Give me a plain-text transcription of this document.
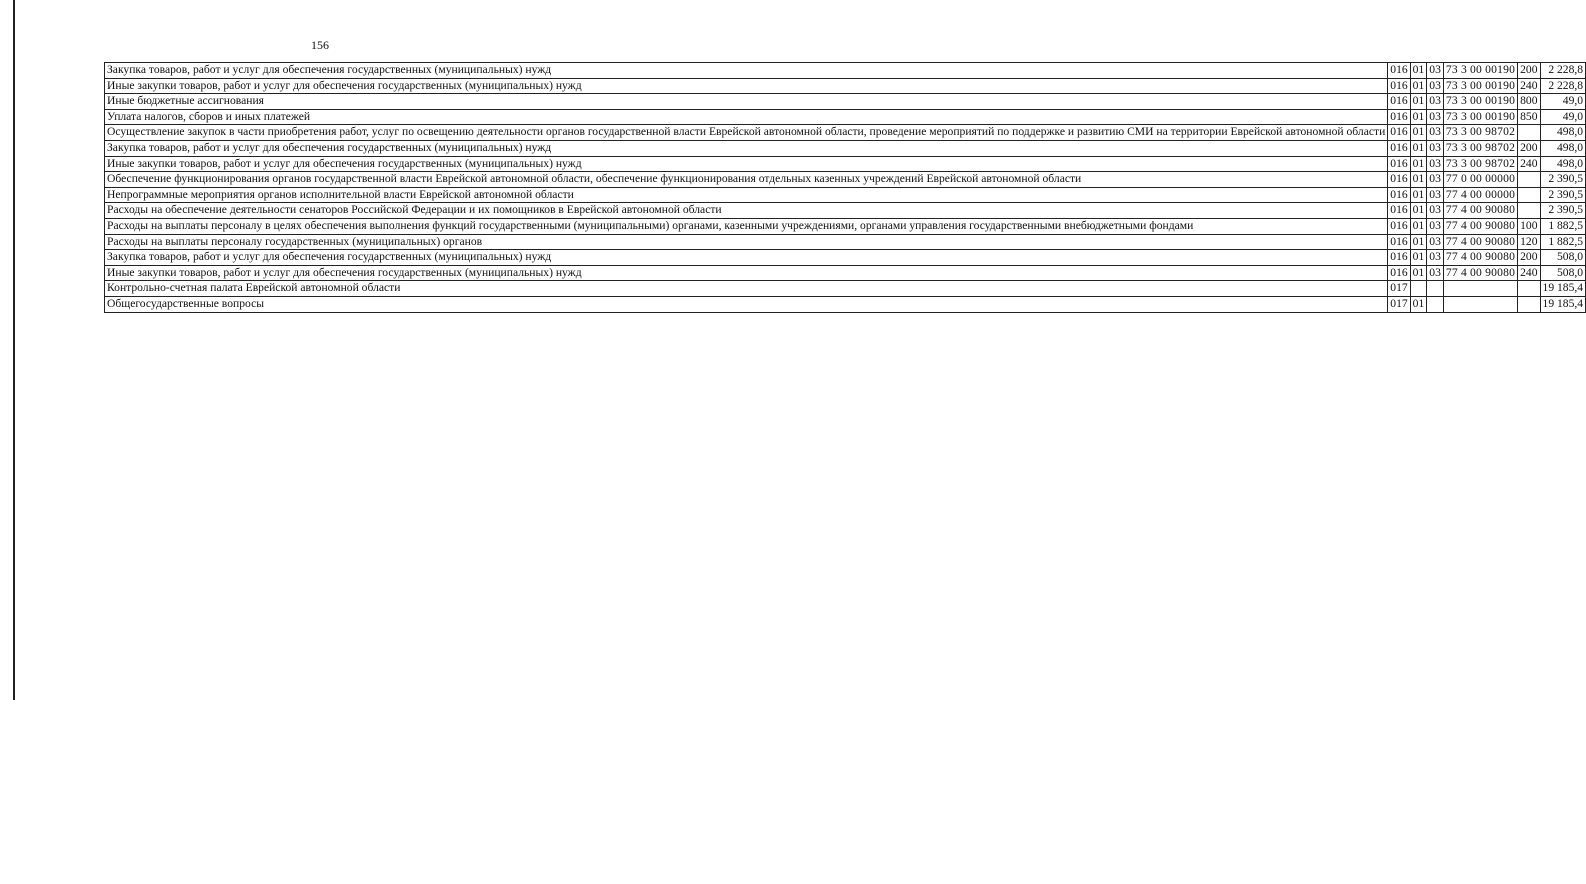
156
Закупка товаров, работ и услуг для обеспечения государственных (муниципальных) нужд	016	01	03	73 3 00 00190	200	2 228,8
Иные закупки товаров, работ и услуг для обеспечения государственных (муниципальных) нужд	016	01	03	73 3 00 00190	240	2 228,8
Иные бюджетные ассигнования	016	01	03	73 3 00 00190	800	49,0
Уплата налогов, сборов и иных платежей	016	01	03	73 3 00 00190	850	49,0
Осуществление закупок в части приобретения работ, услуг по освещению деятельности органов государственной власти Еврейской автономной области, проведение мероприятий по поддержке и развитию СМИ на территории Еврейской автономной области	016	01	03	73 3 00 98702		498,0
Закупка товаров, работ и услуг для обеспечения государственных (муниципальных) нужд	016	01	03	73 3 00 98702	200	498,0
Иные закупки товаров, работ и услуг для обеспечения государственных (муниципальных) нужд	016	01	03	73 3 00 98702	240	498,0
Обеспечение функционирования органов государственной власти Еврейской автономной области, обеспечение функционирования отдельных казенных учреждений Еврейской автономной области	016	01	03	77 0 00 00000		2 390,5
Непрограммные мероприятия органов исполнительной власти Еврейской автономной области	016	01	03	77 4 00 00000		2 390,5
Расходы на обеспечение деятельности сенаторов Российской Федерации и их помощников в Еврейской автономной области	016	01	03	77 4 00 90080		2 390,5
Расходы на выплаты персоналу в целях обеспечения выполнения функций государственными (муниципальными) органами, казенными учреждениями, органами управления государственными внебюджетными фондами	016	01	03	77 4 00 90080	100	1 882,5
Расходы на выплаты персоналу государственных (муниципальных) органов	016	01	03	77 4 00 90080	120	1 882,5
Закупка товаров, работ и услуг для обеспечения государственных (муниципальных) нужд	016	01	03	77 4 00 90080	200	508,0
Иные закупки товаров, работ и услуг для обеспечения государственных (муниципальных) нужд	016	01	03	77 4 00 90080	240	508,0
Контрольно-счетная палата Еврейской автономной области	017					19 185,4
Общегосударственные вопросы	017	01				19 185,4
